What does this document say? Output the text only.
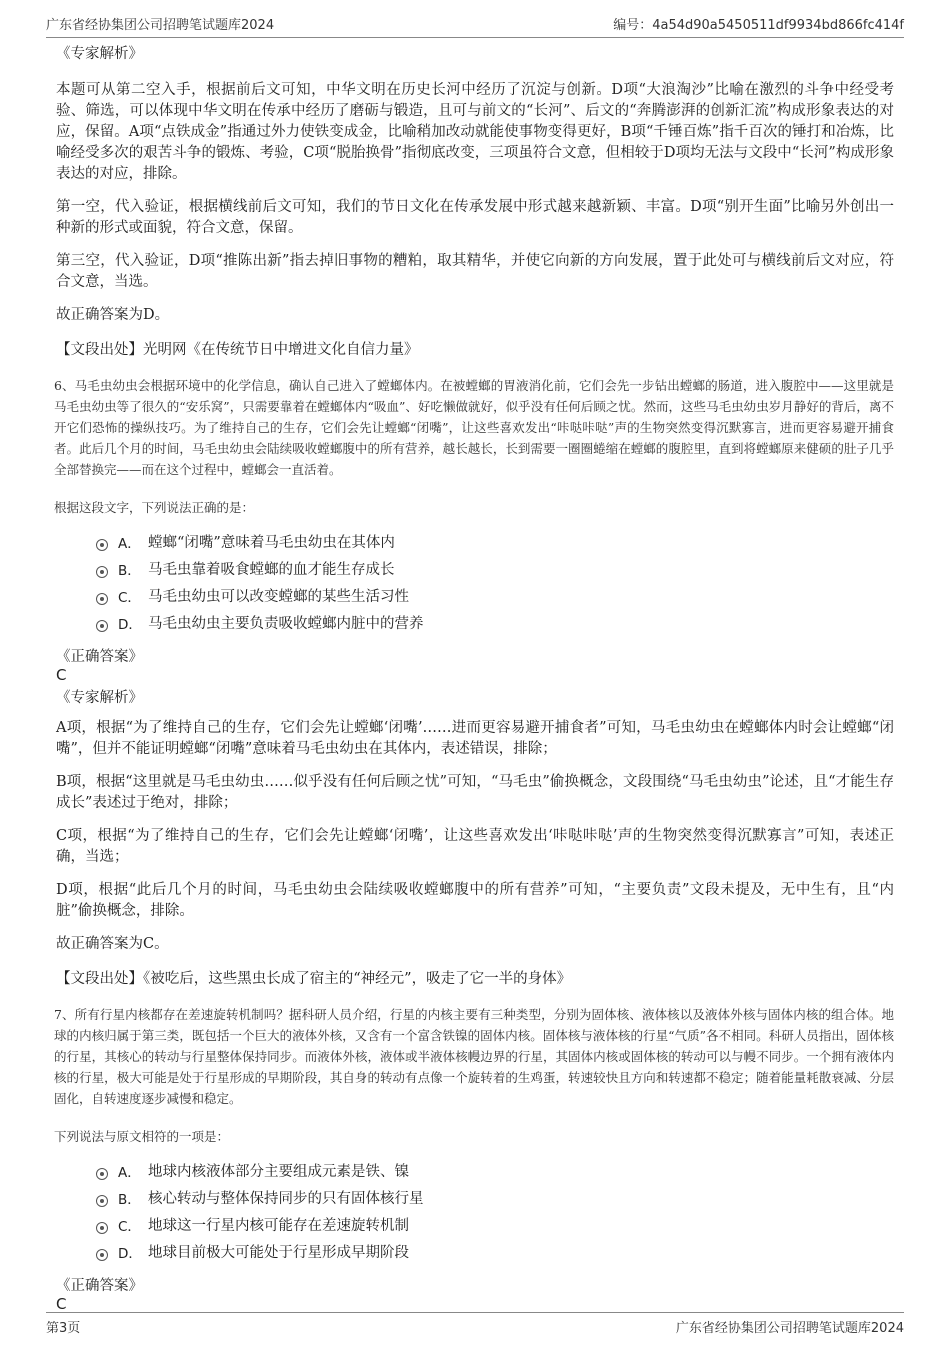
广东省经协集团公司招聘笔试题库2024	编号：4a54d90a5450511df9934bd866fc414f
《专家解析》

本题可从第二空入手，根据前后文可知，中华文明在历史长河中经历了沉淀与创新。D项“大浪淘沙”比喻在激烈的斗争中经受考验、筛选，可以体现中华文明在传承中经历了磨砺与锻造，且可与前文的“长河”、后文的“奔腾澎湃的创新汇流”构成形象表达的对应，保留。A项“点铁成金”指通过外力使铁变成金，比喻稍加改动就能使事物变得更好，B项“千锤百炼”指千百次的锤打和冶炼，比喻经受多次的艰苦斗争的锻炼、考验，C项“脱胎换骨”指彻底改变，三项虽符合文意，但相较于D项均无法与文段中“长河”构成形象表达的对应，排除。

第一空，代入验证，根据横线前后文可知，我们的节日文化在传承发展中形式越来越新颖、丰富。D项“别开生面”比喻另外创出一种新的形式或面貌，符合文意，保留。

第三空，代入验证，D项“推陈出新”指去掉旧事物的糟粕，取其精华，并使它向新的方向发展，置于此处可与横线前后文对应，符合文意，当选。

故正确答案为D。

【文段出处】光明网《在传统节日中增进文化自信力量》

6、马毛虫幼虫会根据环境中的化学信息，确认自己进入了螳螂体内。在被螳螂的胃液消化前，它们会先一步钻出螳螂的肠道，进入腹腔中——这里就是马毛虫幼虫等了很久的“安乐窝”，只需要靠着在螳螂体内“吸血”、好吃懒做就好，似乎没有任何后顾之忧。然而，这些马毛虫幼虫岁月静好的背后，离不开它们恐怖的操纵技巧。为了维持自己的生存，它们会先让螳螂“闭嘴”，让这些喜欢发出“咔哒咔哒”声的生物突然变得沉默寡言，进而更容易避开捕食者。此后几个月的时间，马毛虫幼虫会陆续吸收螳螂腹中的所有营养，越长越长，长到需要一圈圈蜷缩在螳螂的腹腔里，直到将螳螂原来健硕的肚子几乎全部替换完——而在这个过程中，螳螂会一直活着。

根据这段文字，下列说法正确的是：

A． 螳螂“闭嘴”意味着马毛虫幼虫在其体内
B． 马毛虫靠着吸食螳螂的血才能生存成长
C． 马毛虫幼虫可以改变螳螂的某些生活习性
D． 马毛虫幼虫主要负责吸收螳螂内脏中的营养
《正确答案》
C
《专家解析》

A项，根据“为了维持自己的生存，它们会先让螳螂‘闭嘴’……进而更容易避开捕食者”可知，马毛虫幼虫在螳螂体内时会让螳螂“闭嘴”，但并不能证明螳螂“闭嘴”意味着马毛虫幼虫在其体内，表述错误，排除；

B项，根据“这里就是马毛虫幼虫……似乎没有任何后顾之忧”可知，“马毛虫”偷换概念，文段围绕“马毛虫幼虫”论述，且“才能生存成长”表述过于绝对，排除；

C项，根据“为了维持自己的生存，它们会先让螳螂‘闭嘴’，让这些喜欢发出‘咔哒咔哒’声的生物突然变得沉默寡言”可知，表述正确，当选；

D项，根据“此后几个月的时间，马毛虫幼虫会陆续吸收螳螂腹中的所有营养”可知，“主要负责”文段未提及，无中生有，且“内脏”偷换概念，排除。

故正确答案为C。

【文段出处】《被吃后，这些黑虫长成了宿主的“神经元”，吸走了它一半的身体》

7、所有行星内核都存在差速旋转机制吗？据科研人员介绍，行星的内核主要有三种类型，分别为固体核、液体核以及液体外核与固体内核的组合体。地球的内核归属于第三类，既包括一个巨大的液体外核，又含有一个富含铁镍的固体内核。固体核与液体核的行星“气质”各不相同。科研人员指出，固体核的行星，其核心的转动与行星整体保持同步。而液体外核，液体或半液体核幔边界的行星，其固体内核或固体核的转动可以与幔不同步。一个拥有液体内核的行星，极大可能是处于行星形成的早期阶段，其自身的转动有点像一个旋转着的生鸡蛋，转速较快且方向和转速都不稳定；随着能量耗散衰减、分层固化，自转速度逐步减慢和稳定。

下列说法与原文相符的一项是：

A． 地球内核液体部分主要组成元素是铁、镍
B． 核心转动与整体保持同步的只有固体核行星
C． 地球这一行星内核可能存在差速旋转机制
D． 地球目前极大可能处于行星形成早期阶段
《正确答案》
C
第3页	广东省经协集团公司招聘笔试题库2024
